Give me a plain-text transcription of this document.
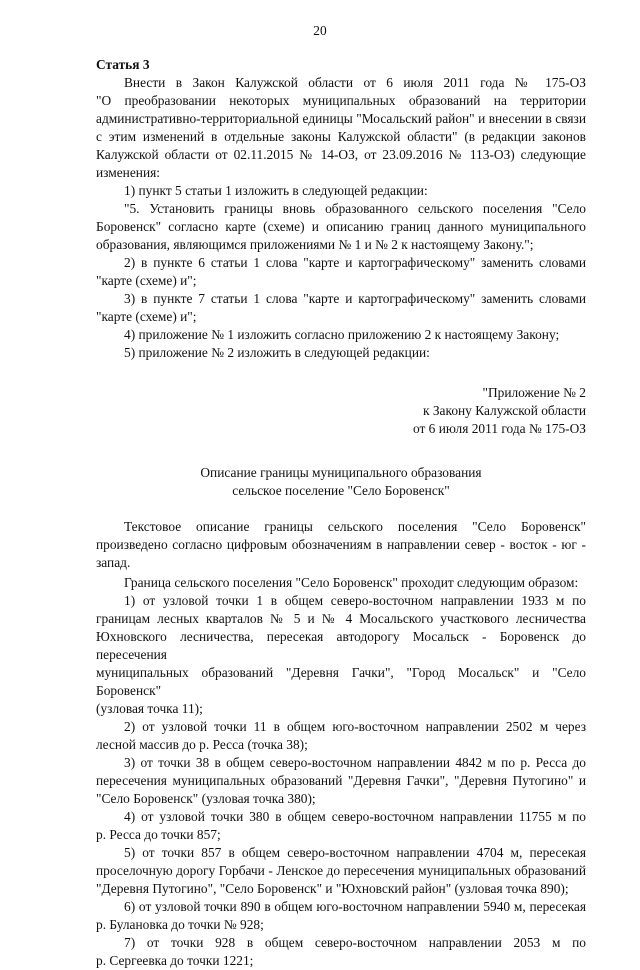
20
Статья 3
Внести в Закон Калужской области от 6 июля 2011 года № 175-ОЗ
"О преобразовании некоторых муниципальных образований на территории
административно-территориальной единицы "Мосальский район" и внесении в связи
с этим изменений в отдельные законы Калужской области" (в редакции законов
Калужской области от 02.11.2015 № 14-ОЗ, от 23.09.2016 № 113-ОЗ) следующие
изменения:
1) пункт 5 статьи 1 изложить в следующей редакции:
"5. Установить границы вновь образованного сельского поселения "Село
Боровенск" согласно карте (схеме) и описанию границ данного муниципального
образования, являющимся приложениями № 1 и № 2 к настоящему Закону.";
2) в пункте 6 статьи 1 слова "карте и картографическому" заменить словами
"карте (схеме) и";
3) в пункте 7 статьи 1 слова "карте и картографическому" заменить словами
"карте (схеме) и";
4) приложение № 1 изложить согласно приложению 2 к настоящему Закону;
5) приложение № 2 изложить в следующей редакции:
"Приложение № 2
к Закону Калужской области
от 6 июля 2011 года № 175-ОЗ
Описание границы муниципального образования
сельское поселение "Село Боровенск"
Текстовое описание границы сельского поселения "Село Боровенск"
произведено согласно цифровым обозначениям в направлении север - восток - юг -
запад.
Граница сельского поселения "Село Боровенск" проходит следующим образом:
1) от узловой точки 1 в общем северо-восточном направлении 1933 м по
границам лесных кварталов № 5 и № 4 Мосальского участкового лесничества
Юхновского лесничества, пересекая автодорогу Мосальск - Боровенск до пересечения
муниципальных образований "Деревня Гачки", "Город Мосальск" и "Село Боровенск"
(узловая точка 11);
2) от узловой точки 11 в общем юго-восточном направлении 2502 м через
лесной массив до р. Ресса (точка 38);
3) от точки 38 в общем северо-восточном направлении 4842 м по р. Ресса до
пересечения муниципальных образований "Деревня Гачки", "Деревня Путогино" и
"Село Боровенск" (узловая точка 380);
4) от узловой точки 380 в общем северо-восточном направлении 11755 м по
р. Ресса до точки 857;
5) от точки 857 в общем северо-восточном направлении 4704 м, пересекая
проселочную дорогу Горбачи - Ленское до пересечения муниципальных образований
"Деревня Путогино", "Село Боровенск" и "Юхновский район" (узловая точка 890);
6) от узловой точки 890 в общем юго-восточном направлении 5940 м, пересекая
р. Булановка до точки № 928;
7) от точки 928 в общем северо-восточном направлении 2053 м по
р. Сергеевка до точки 1221;
